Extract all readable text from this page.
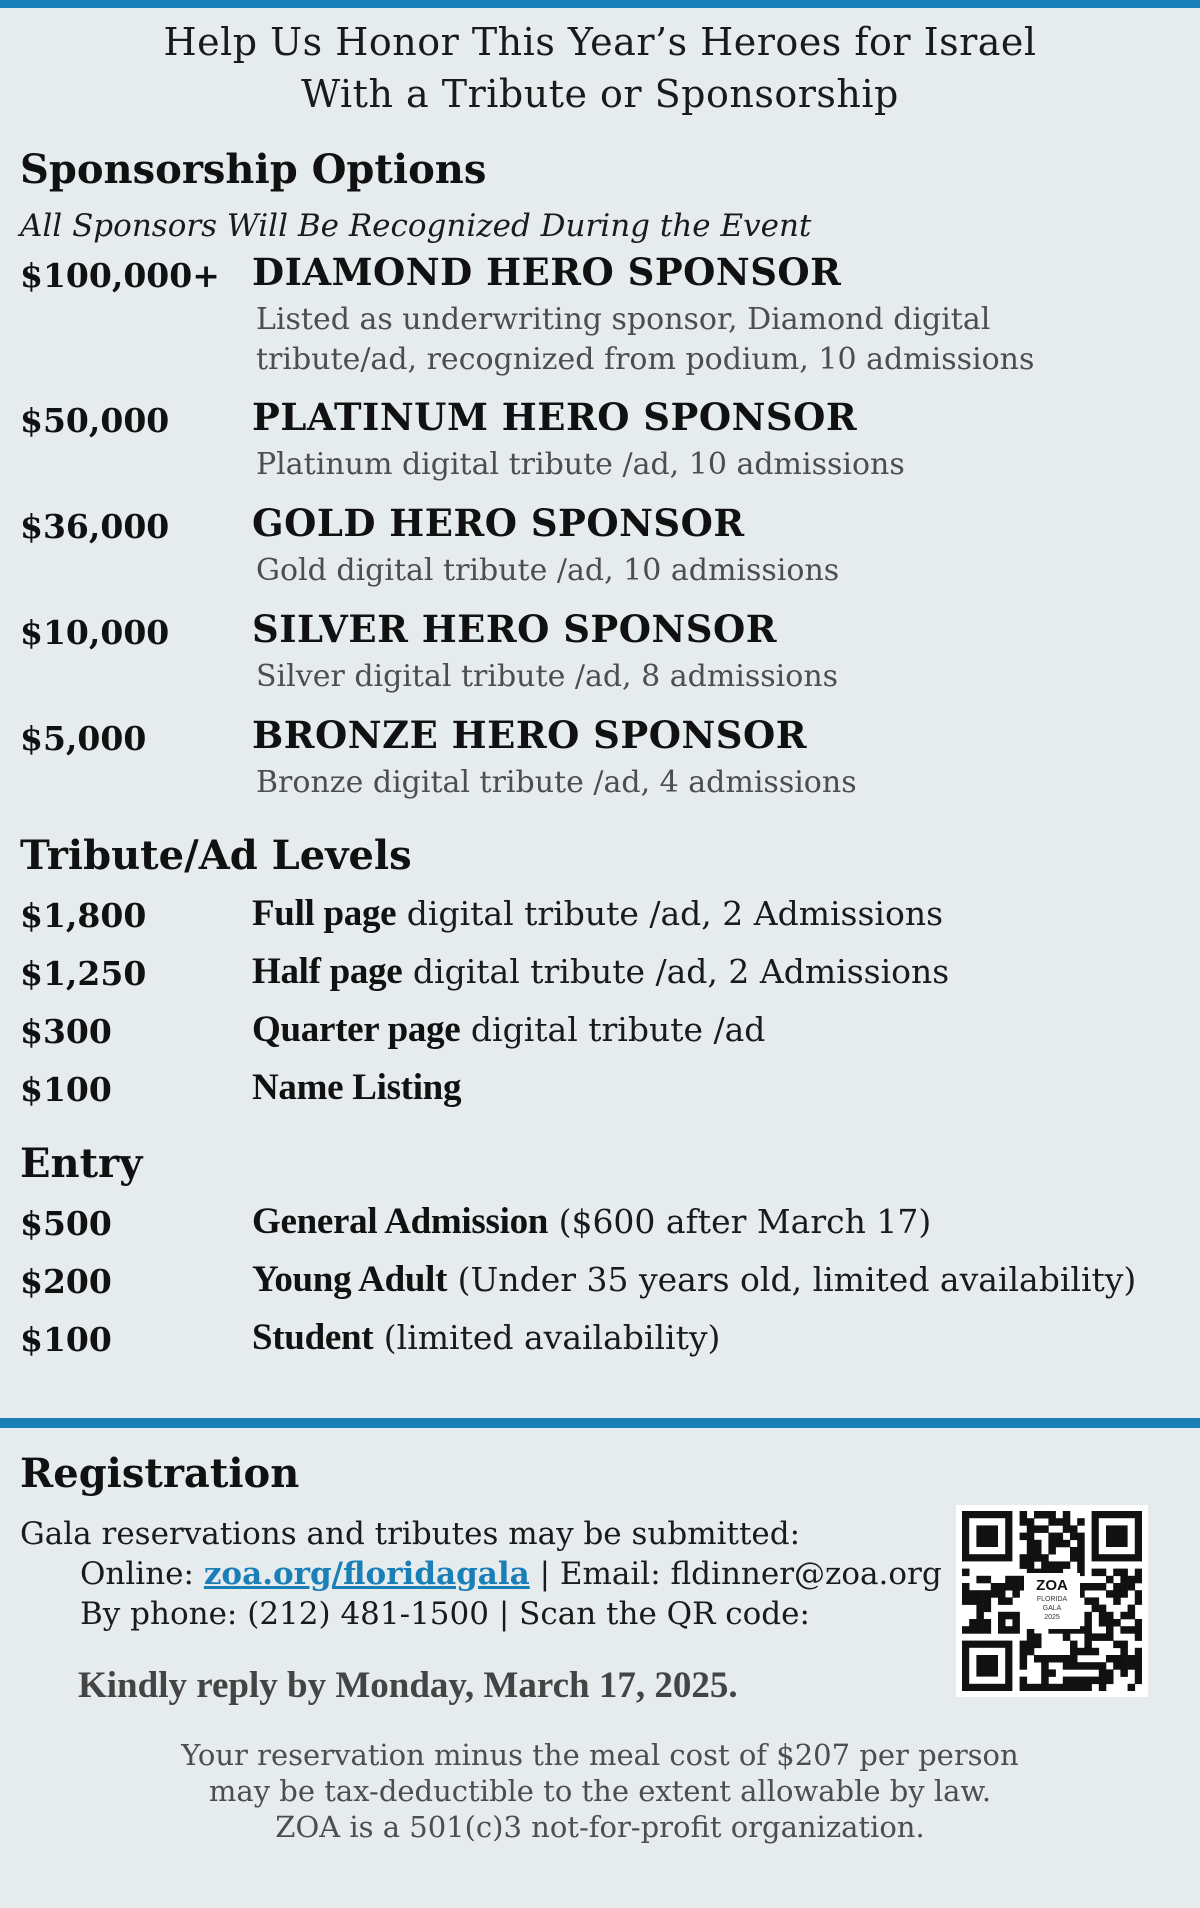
Help Us Honor This Year’s Heroes for Israel
With a Tribute or Sponsorship
Sponsorship Options
All Sponsors Will Be Recognized During the Event
$100,000+ DIAMOND HERO SPONSOR
Listed as underwriting sponsor, Diamond digital
tribute/ad, recognized from podium, 10 admissions
$50,000 PLATINUM HERO SPONSOR
Platinum digital tribute /ad, 10 admissions
$36,000 GOLD HERO SPONSOR
Gold digital tribute /ad, 10 admissions
$10,000 SILVER HERO SPONSOR
Silver digital tribute /ad, 8 admissions
$5,000	BRONZE HERO SPONSOR
Bronze digital tribute /ad, 4 admissions
Tribute/Ad Levels
$1,800	Full page digital tribute /ad, 2 Admissions
$1,250	Half page digital tribute /ad, 2 Admissions
$300	Quarter page digital tribute /ad
$100	Name Listing
Entry
$500	General Admission ($600 after March 17)
$200	Young Adult (Under 35 years old, limited availability)
$100	Student (limited availability)
Registration
Gala reservations and tributes may be submitted:
Online: zoa.org/floridagala | Email: fldinner@zoa.org
By phone: (212) 481-1500 | Scan the QR code:
Kindly reply by Monday, March 17, 2025.
ZOA
FLORIDA
GALA
2025
Your reservation minus the meal cost of $207 per person
may be tax-deductible to the extent allowable by law.
ZOA is a 501(c)3 not-for-profit organization.
